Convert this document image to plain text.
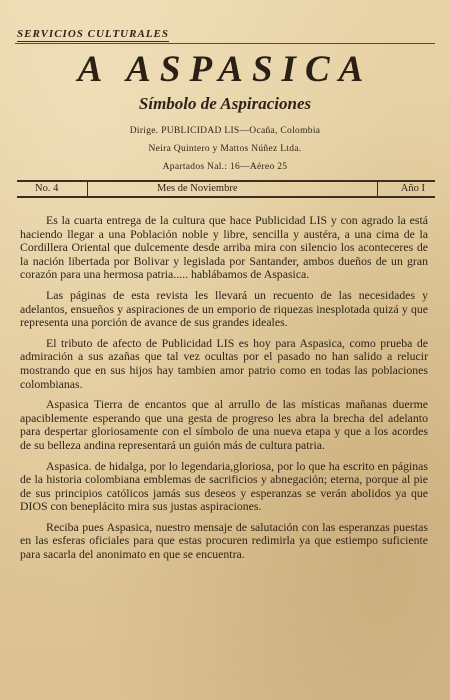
SERVICIOS CULTURALES
A ASPASICA
Símbolo de Aspiraciones
Dirige. PUBLICIDAD LIS—Ocaña, Colombia
Neira Quintero y Mattos Núñez Ltda.
Apartados Nal.: 16—Aéreo 25
No. 4	Mes de Noviembre	Año I

Es la cuarta entrega de la cultura que hace Publicidad LIS y con agrado la está haciendo llegar a una Población noble y libre, sencilla y austéra, a una cima de la Cordillera Oriental que dulcemente desde arriba mira con silencio los aconteceres de la nación libertada por Bolivar y legislada por Santander, ambos dueños de un gran corazón para una hermosa patria..... hablábamos de Aspasica.

Las páginas de esta revista les llevará un recuento de las necesidades y adelantos, ensueños y aspiraciones de un emporio de riquezas inesplotada quizá y que representa una porción de avance de sus grandes ideales.

El tributo de afecto de Publicidad LIS es hoy para Aspasica, como prueba de admiración a sus azañas que tal vez ocultas por el pasado no han salido a relucir mostrando que en sus hijos hay tambien amor patrio como en todas las poblaciones colombianas.

Aspasica Tierra de encantos que al arrullo de las místicas mañanas duerme apaciblemente esperando que una gesta de progreso les abra la brecha del adelanto para despertar gloriosamente con el símbolo de una nueva etapa y que a los acordes de su belleza andina representará un guión más de cultura patria.

Aspasica. de hidalga, por lo legendaria,gloriosa, por lo que ha escrito en páginas de la historia colombiana emblemas de sacrificios y abnegación; eterna, porque al pie de sus principios católicos jamás sus deseos y esperanzas se verán abolidos ya que DIOS con beneplácito mira sus justas aspiraciones.

Reciba pues Aspasica, nuestro mensaje de salutación con las esperanzas puestas en las esferas oficiales para que estas procuren redimirla ya que estiempo suficiente para sacarla del anonimato en que se encuentra.
